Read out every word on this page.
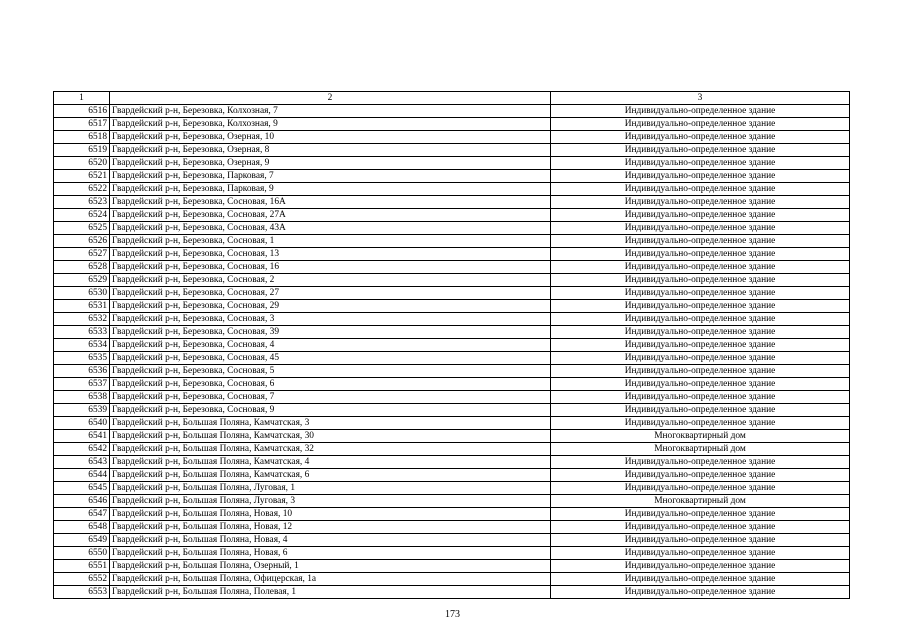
1	2	3
6516	Гвардейский р-н, Березовка, Колхозная, 7	Индивидуально-определенное здание
6517	Гвардейский р-н, Березовка, Колхозная, 9	Индивидуально-определенное здание
6518	Гвардейский р-н, Березовка, Озерная, 10	Индивидуально-определенное здание
6519	Гвардейский р-н, Березовка, Озерная, 8	Индивидуально-определенное здание
6520	Гвардейский р-н, Березовка, Озерная, 9	Индивидуально-определенное здание
6521	Гвардейский р-н, Березовка, Парковая, 7	Индивидуально-определенное здание
6522	Гвардейский р-н, Березовка, Парковая, 9	Индивидуально-определенное здание
6523	Гвардейский р-н, Березовка, Сосновая, 16А	Индивидуально-определенное здание
6524	Гвардейский р-н, Березовка, Сосновая, 27А	Индивидуально-определенное здание
6525	Гвардейский р-н, Березовка, Сосновая, 43А	Индивидуально-определенное здание
6526	Гвардейский р-н, Березовка, Сосновая, 1	Индивидуально-определенное здание
6527	Гвардейский р-н, Березовка, Сосновая, 13	Индивидуально-определенное здание
6528	Гвардейский р-н, Березовка, Сосновая, 16	Индивидуально-определенное здание
6529	Гвардейский р-н, Березовка, Сосновая, 2	Индивидуально-определенное здание
6530	Гвардейский р-н, Березовка, Сосновая, 27	Индивидуально-определенное здание
6531	Гвардейский р-н, Березовка, Сосновая, 29	Индивидуально-определенное здание
6532	Гвардейский р-н, Березовка, Сосновая, 3	Индивидуально-определенное здание
6533	Гвардейский р-н, Березовка, Сосновая, 39	Индивидуально-определенное здание
6534	Гвардейский р-н, Березовка, Сосновая, 4	Индивидуально-определенное здание
6535	Гвардейский р-н, Березовка, Сосновая, 45	Индивидуально-определенное здание
6536	Гвардейский р-н, Березовка, Сосновая, 5	Индивидуально-определенное здание
6537	Гвардейский р-н, Березовка, Сосновая, 6	Индивидуально-определенное здание
6538	Гвардейский р-н, Березовка, Сосновая, 7	Индивидуально-определенное здание
6539	Гвардейский р-н, Березовка, Сосновая, 9	Индивидуально-определенное здание
6540	Гвардейский р-н, Большая Поляна, Камчатская, 3	Индивидуально-определенное здание
6541	Гвардейский р-н, Большая Поляна, Камчатская, 30	Многоквартирный дом
6542	Гвардейский р-н, Большая Поляна, Камчатская, 32	Многоквартирный дом
6543	Гвардейский р-н, Большая Поляна, Камчатская, 4	Индивидуально-определенное здание
6544	Гвардейский р-н, Большая Поляна, Камчатская, 6	Индивидуально-определенное здание
6545	Гвардейский р-н, Большая Поляна, Луговая, 1	Индивидуально-определенное здание
6546	Гвардейский р-н, Большая Поляна, Луговая, 3	Многоквартирный дом
6547	Гвардейский р-н, Большая Поляна, Новая, 10	Индивидуально-определенное здание
6548	Гвардейский р-н, Большая Поляна, Новая, 12	Индивидуально-определенное здание
6549	Гвардейский р-н, Большая Поляна, Новая, 4	Индивидуально-определенное здание
6550	Гвардейский р-н, Большая Поляна, Новая, 6	Индивидуально-определенное здание
6551	Гвардейский р-н, Большая Поляна, Озерный, 1	Индивидуально-определенное здание
6552	Гвардейский р-н, Большая Поляна, Офицерская, 1а	Индивидуально-определенное здание
6553	Гвардейский р-н, Большая Поляна, Полевая, 1	Индивидуально-определенное здание
173
